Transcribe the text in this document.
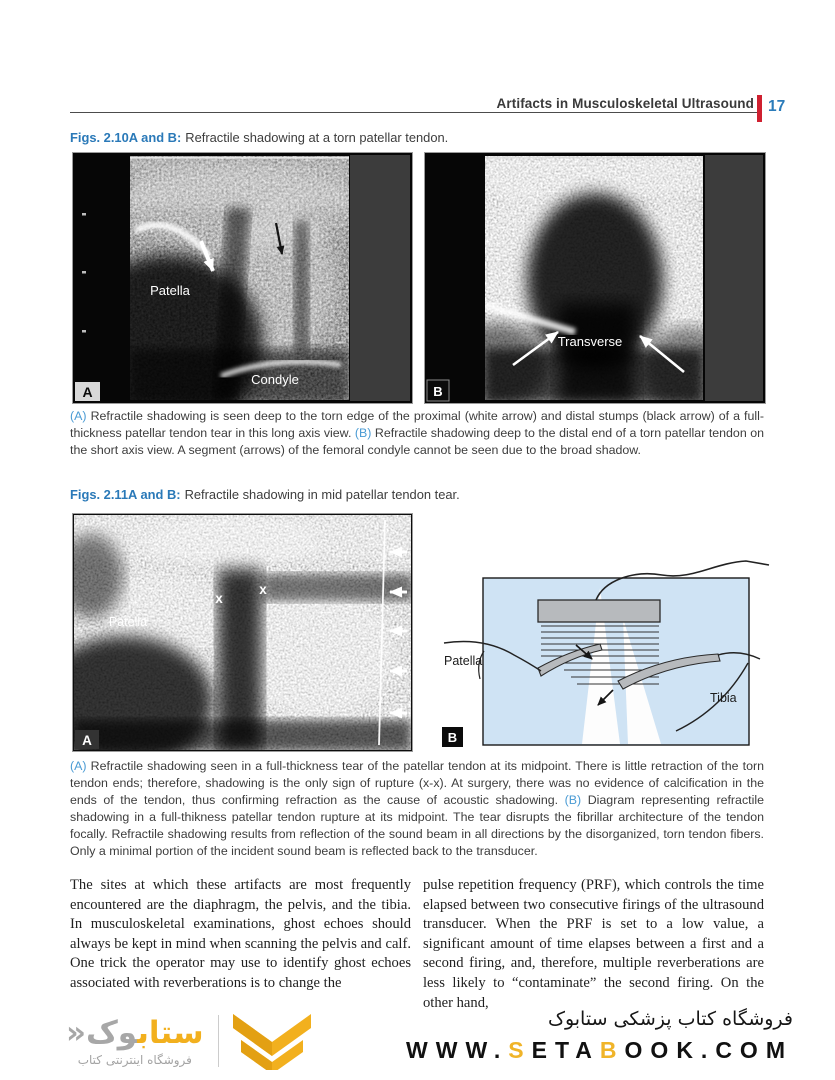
Artifacts in Musculoskeletal Ultrasound 17
Figs. 2.10A and B: Refractile shadowing at a torn patellar tendon.
Patella
Condyle
A
Transverse
B

(A) Refractile shadowing is seen deep to the torn edge of the proximal (white arrow) and distal stumps (black arrow) of a full-thickness patellar tendon tear in this long axis view. (B) Refractile shadowing deep to the distal end of a torn patellar tendon on the short axis view. A segment (arrows) of the femoral condyle cannot be seen due to the broad shadow.

Figs. 2.11A and B: Refractile shadowing in mid patellar tendon tear.
Patella
x
x
A
Patella
Tibia
B

(A) Refractile shadowing seen in a full-thickness tear of the patellar tendon at its midpoint. There is little retraction of the torn tendon ends; therefore, shadowing is the only sign of rupture (x-x). At surgery, there was no evidence of calcification in the ends of the tendon, thus confirming refraction as the cause of acoustic shadowing. (B) Diagram representing refractile shadowing in a full-thikness patellar tendon rupture at its midpoint. The tear disrupts the fibrillar architecture of the tendon focally. Refractile shadowing results from reflection of the sound beam in all directions by the disorganized, torn tendon fibers. Only a minimal portion of the incident sound beam is reflected back to the transducer.

The sites at which these artifacts are most frequently encountered are the diaphragm, the pelvis, and the tibia. In musculoskeletal examinations, ghost echoes should always be kept in mind when scanning the pelvis and calf. One trick the operator may use to identify ghost echoes associated with reverberations is to change the
pulse repetition frequency (PRF), which controls the time elapsed between two consecutive firings of the ultrasound transducer. When the PRF is set to a low value, a significant amount of time elapses between a first and a second firing, and, therefore, multiple reverberations are less likely to “contaminate” the second firing. On the other hand,
ستابوک«
فروشگاه اینترنتی کتاب
فروشگاه کتاب پزشکی ستابوک
WWW.SETABOOK.COM
